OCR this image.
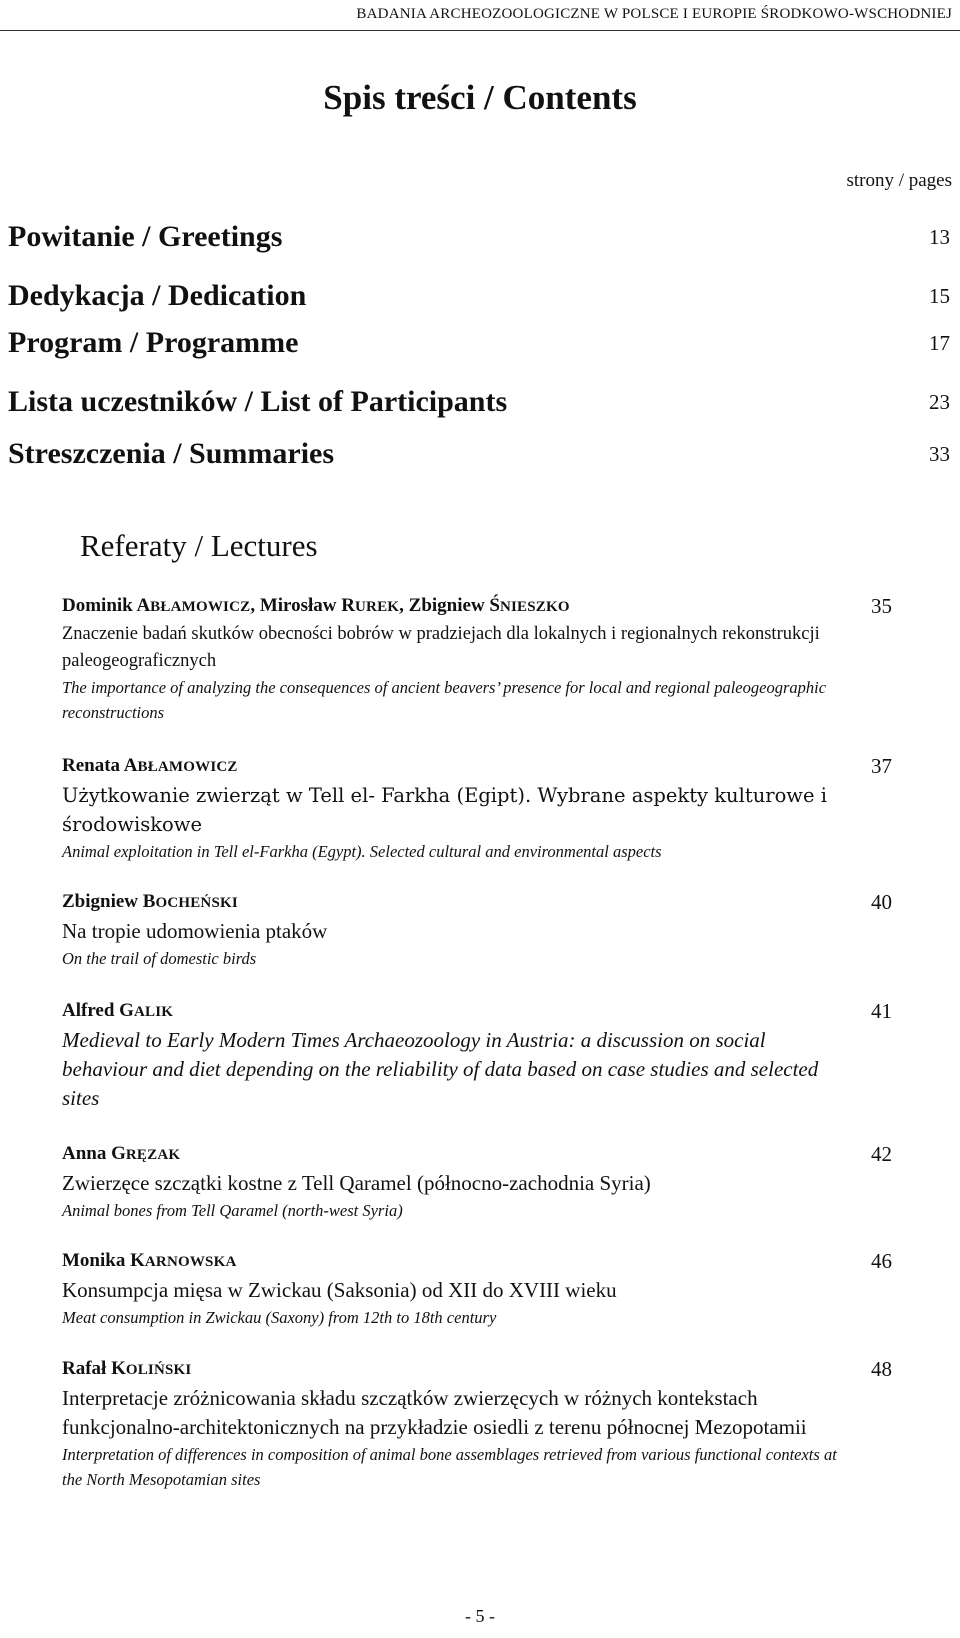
BADANIA ARCHEOZOOLOGICZNE W POLSCE I EUROPIE ŚRODKOWO-WSCHODNIEJ
Spis treści / Contents
strony / pages
Powitanie / Greetings	13
Dedykacja / Dedication	15
Program / Programme	17
Lista uczestników / List of Participants	23
Streszczenia / Summaries	33
Referaty / Lectures
Dominik ABŁAMOWICZ, Mirosław RUREK, Zbigniew ŚNIESZKO	35
Znaczenie badań skutków obecności bobrów w pradziejach dla lokalnych i regionalnych rekonstrukcji paleogeograficznych
The importance of analyzing the consequences of ancient beavers’ presence for local and regional paleogeographic reconstructions
Renata ABŁAMOWICZ	37
Użytkowanie zwierząt w Tell el- Farkha (Egipt). Wybrane aspekty kulturowe i środowiskowe
Animal exploitation in Tell el-Farkha (Egypt). Selected cultural and environmental aspects
Zbigniew BOCHEŃSKI	40
Na tropie udomowienia ptaków
On the trail of domestic birds
Alfred GALIK	41
Medieval to Early Modern Times Archaeozoology in Austria: a discussion on social behaviour and diet depending on the reliability of data based on case studies and selected sites
Anna GRĘZAK	42
Zwierzęce szczątki kostne z Tell Qaramel (północno-zachodnia Syria)
Animal bones from Tell Qaramel (north-west Syria)
Monika KARNOWSKA	46
Konsumpcja mięsa w Zwickau (Saksonia) od XII do XVIII wieku
Meat consumption in Zwickau (Saxony) from 12th to 18th century
Rafał KOLIŃSKI	48
Interpretacje zróżnicowania składu szczątków zwierzęcych w różnych kontekstach funkcjonalno-architektonicznych na przykładzie osiedli z terenu północnej Mezopotamii
Interpretation of differences in composition of animal bone assemblages retrieved from various functional contexts at the North Mesopotamian sites
- 5 -
